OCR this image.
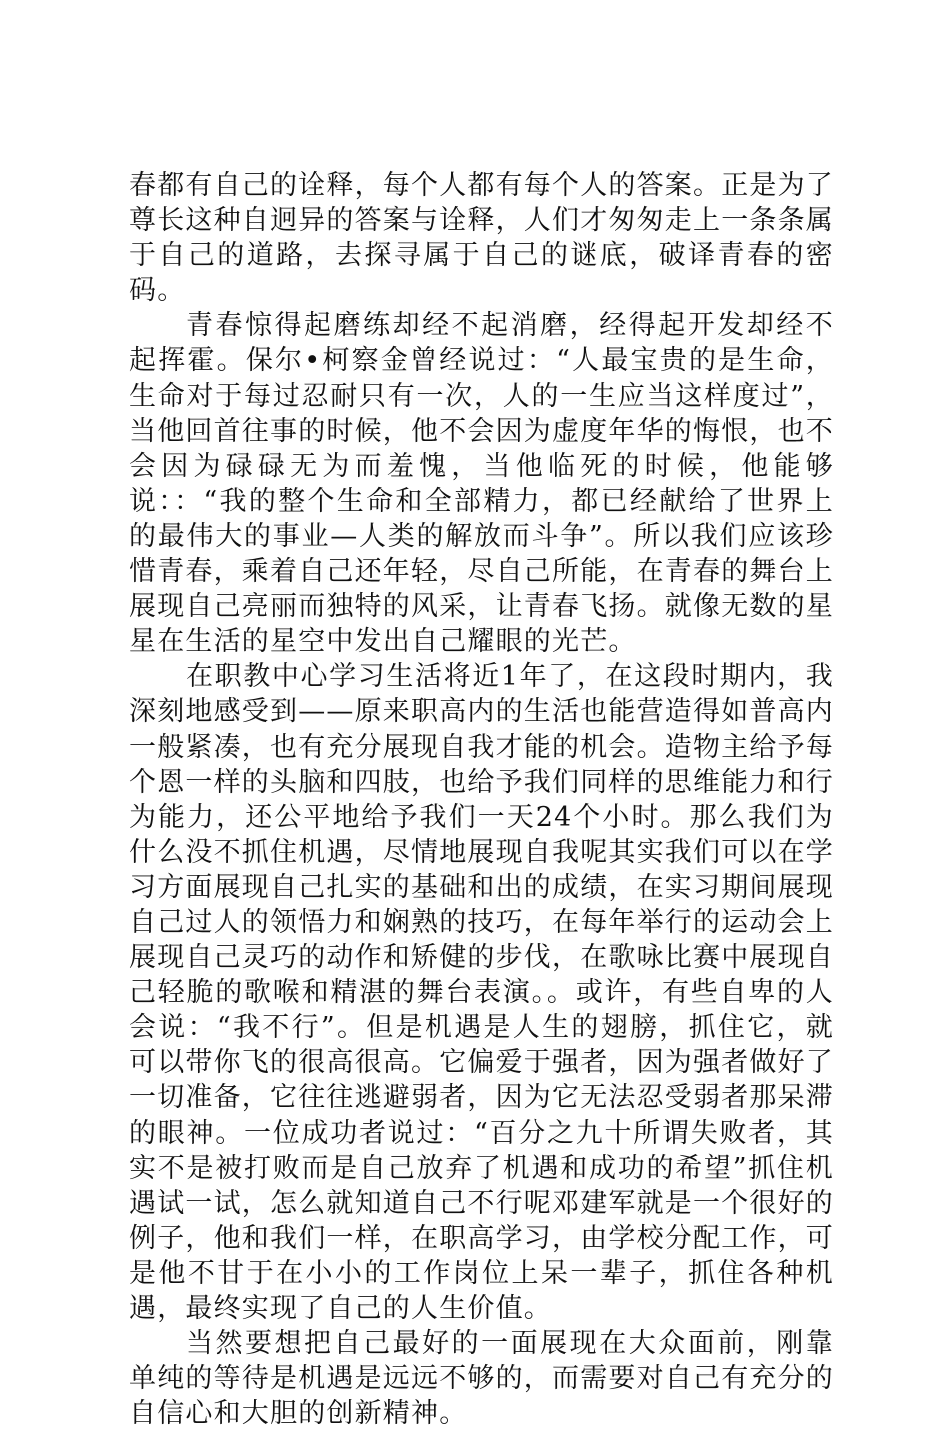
春都有自己的诠释，每个人都有每个人的答案。正是为了尊长这种自迥异的答案与诠释，人们才匆匆走上一条条属于自己的道路，去探寻属于自己的谜底，破译青春的密码。

青春惊得起磨练却经不起消磨，经得起开发却经不起挥霍。保尔•柯察金曾经说过：“人最宝贵的是生命，生命对于每过忍耐只有一次，人的一生应当这样度过”，当他回首往事的时候，他不会因为虚度年华的悔恨，也不会因为碌碌无为而羞愧，当他临死的时候，他能够说：：“我的整个生命和全部精力，都已经献给了世界上的最伟大的事业—人类的解放而斗争”。所以我们应该珍惜青春，乘着自己还年轻，尽自己所能，在青春的舞台上展现自己亮丽而独特的风采，让青春飞扬。就像无数的星星在生活的星空中发出自己耀眼的光芒。

在职教中心学习生活将近1年了，在这段时期内，我深刻地感受到——原来职高内的生活也能营造得如普高内一般紧凑，也有充分展现自我才能的机会。造物主给予每个恩一样的头脑和四肢，也给予我们同样的思维能力和行为能力，还公平地给予我们一天24个小时。那么我们为什么没不抓住机遇，尽情地展现自我呢其实我们可以在学习方面展现自己扎实的基础和出的成绩，在实习期间展现自己过人的领悟力和娴熟的技巧，在每年举行的运动会上展现自己灵巧的动作和矫健的步伐，在歌咏比赛中展现自己轻脆的歌喉和精湛的舞台表演。。或许，有些自卑的人会说：“我不行”。但是机遇是人生的翅膀，抓住它，就可以带你飞的很高很高。它偏爱于强者，因为强者做好了一切准备，它往往逃避弱者，因为它无法忍受弱者那呆滞的眼神。一位成功者说过：“百分之九十所谓失败者，其实不是被打败而是自己放弃了机遇和成功的希望”抓住机遇试一试，怎么就知道自己不行呢邓建军就是一个很好的例子，他和我们一样，在职高学习，由学校分配工作，可是他不甘于在小小的工作岗位上呆一辈子，抓住各种机遇，最终实现了自己的人生价值。

当然要想把自己最好的一面展现在大众面前，刚靠单纯的等待是机遇是远远不够的，而需要对自己有充分的自信心和大胆的创新精神。
